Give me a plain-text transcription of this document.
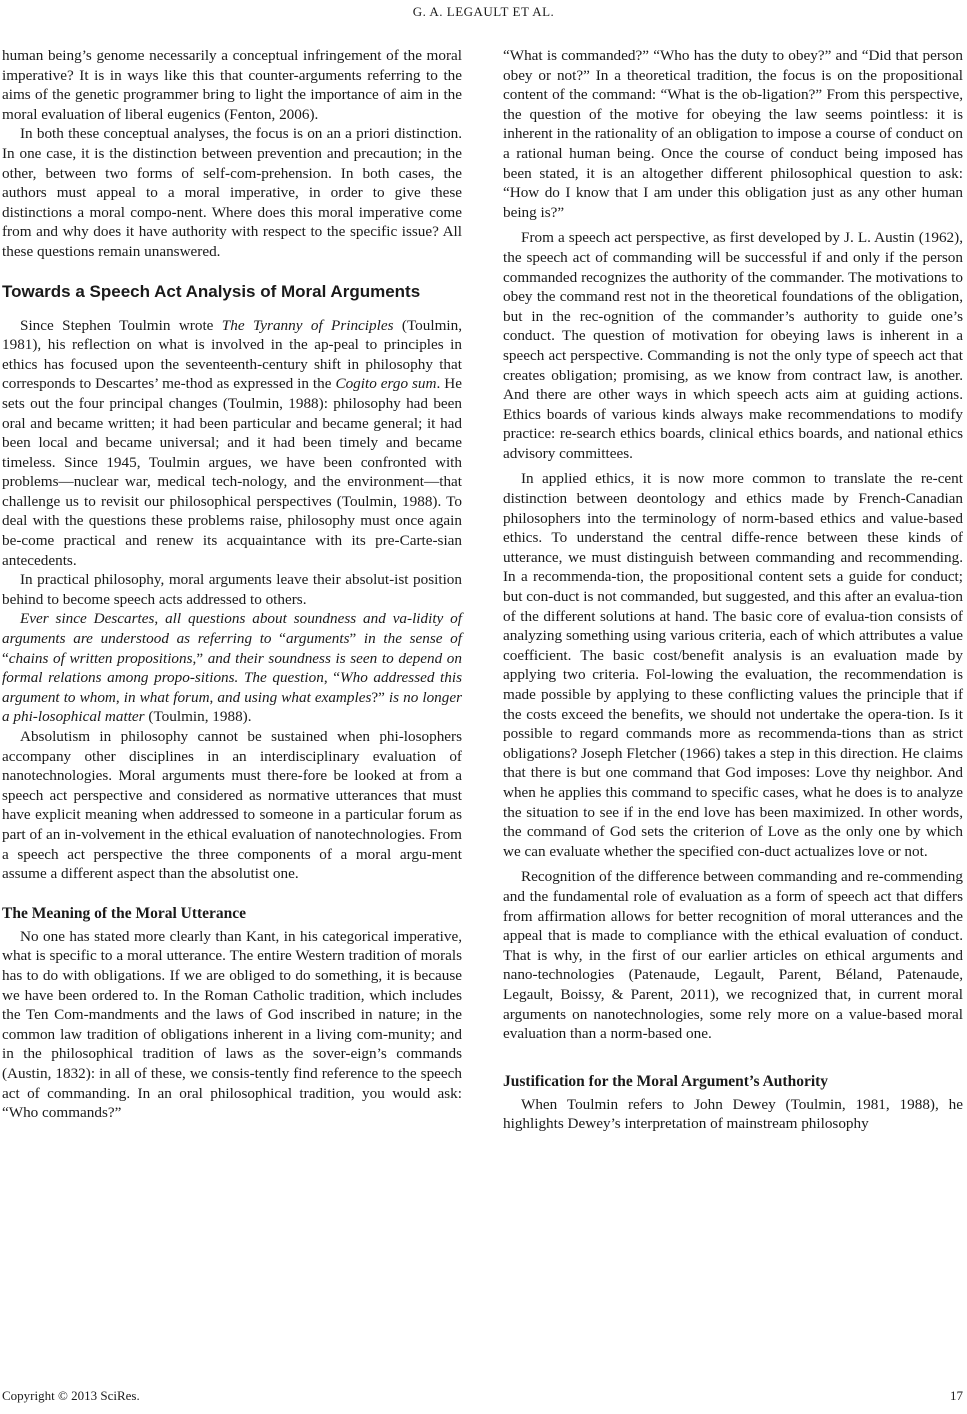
G. A. LEGAULT ET AL.

human being’s genome necessarily a conceptual infringement of the moral imperative? It is in ways like this that counter-arguments referring to the aims of the genetic programmer bring to light the importance of aim in the moral evaluation of liberal eugenics (Fenton, 2006).

In both these conceptual analyses, the focus is on an a priori distinction. In one case, it is the distinction between prevention and precaution; in the other, between two forms of self-com-prehension. In both cases, the authors must appeal to a moral imperative, in order to give these distinctions a moral compo-nent. Where does this moral imperative come from and why does it have authority with respect to the specific issue? All these questions remain unanswered.

Towards a Speech Act Analysis of Moral Arguments

Since Stephen Toulmin wrote The Tyranny of Principles (Toulmin, 1981), his reflection on what is involved in the ap-peal to principles in ethics has focused upon the seventeenth-century shift in philosophy that corresponds to Descartes’ me-thod as expressed in the Cogito ergo sum. He sets out the four principal changes (Toulmin, 1988): philosophy had been oral and became written; it had been particular and became general; it had been local and became universal; and it had been timely and became timeless. Since 1945, Toulmin argues, we have been confronted with problems—nuclear war, medical tech-nology, and the environment—that challenge us to revisit our philosophical perspectives (Toulmin, 1988). To deal with the questions these problems raise, philosophy must once again be-come practical and renew its acquaintance with its pre-Carte-sian antecedents.

In practical philosophy, moral arguments leave their absolut-ist position behind to become speech acts addressed to others.

Ever since Descartes, all questions about soundness and va-lidity of arguments are understood as referring to “arguments” in the sense of “chains of written propositions,” and their soundness is seen to depend on formal relations among propo-sitions. The question, “Who addressed this argument to whom, in what forum, and using what examples?” is no longer a phi-losophical matter (Toulmin, 1988).

Absolutism in philosophy cannot be sustained when phi-losophers accompany other disciplines in an interdisciplinary evaluation of nanotechnologies. Moral arguments must there-fore be looked at from a speech act perspective and considered as normative utterances that must have explicit meaning when addressed to someone in a particular forum as part of an in-volvement in the ethical evaluation of nanotechnologies. From a speech act perspective the three components of a moral argu-ment assume a different aspect than the absolutist one.

The Meaning of the Moral Utterance

No one has stated more clearly than Kant, in his categorical imperative, what is specific to a moral utterance. The entire Western tradition of morals has to do with obligations. If we are obliged to do something, it is because we have been ordered to. In the Roman Catholic tradition, which includes the Ten Com-mandments and the laws of God inscribed in nature; in the common law tradition of obligations inherent in a living com-munity; and in the philosophical tradition of laws as the sover-eign’s commands (Austin, 1832): in all of these, we consis-tently find reference to the speech act of commanding. In an oral philosophical tradition, you would ask: “Who commands?”

“What is commanded?” “Who has the duty to obey?” and “Did that person obey or not?” In a theoretical tradition, the focus is on the propositional content of the command: “What is the ob-ligation?” From this perspective, the question of the motive for obeying the law seems pointless: it is inherent in the rationality of an obligation to impose a course of conduct on a rational human being. Once the course of conduct being imposed has been stated, it is an altogether different philosophical question to ask: “How do I know that I am under this obligation just as any other human being is?”

From a speech act perspective, as first developed by J. L. Austin (1962), the speech act of commanding will be successful if and only if the person commanded recognizes the authority of the commander. The motivations to obey the command rest not in the theoretical foundations of the obligation, but in the rec-ognition of the commander’s authority to guide one’s conduct. The question of motivation for obeying laws is inherent in a speech act perspective. Commanding is not the only type of speech act that creates obligation; promising, as we know from contract law, is another. And there are other ways in which speech acts aim at guiding actions. Ethics boards of various kinds always make recommendations to modify practice: re-search ethics boards, clinical ethics boards, and national ethics advisory committees.

In applied ethics, it is now more common to translate the re-cent distinction between deontology and ethics made by French-Canadian philosophers into the terminology of norm-based ethics and value-based ethics. To understand the central diffe-rence between these kinds of utterance, we must distinguish between commanding and recommending. In a recommenda-tion, the propositional content sets a guide for conduct; but con-duct is not commanded, but suggested, and this after an evalua-tion of the different solutions at hand. The basic core of evalua-tion consists of analyzing something using various criteria, each of which attributes a value coefficient. The basic cost/benefit analysis is an evaluation made by applying two criteria. Fol-lowing the evaluation, the recommendation is made possible by applying to these conflicting values the principle that if the costs exceed the benefits, we should not undertake the opera-tion. Is it possible to regard commands more as recommenda-tions than as strict obligations? Joseph Fletcher (1966) takes a step in this direction. He claims that there is but one command that God imposes: Love thy neighbor. And when he applies this command to specific cases, what he does is to analyze the situation to see if in the end love has been maximized. In other words, the command of God sets the criterion of Love as the only one by which we can evaluate whether the specified con-duct actualizes love or not.

Recognition of the difference between commanding and re-commending and the fundamental role of evaluation as a form of speech act that differs from affirmation allows for better recognition of moral utterances and the appeal that is made to compliance with the ethical evaluation of conduct. That is why, in the first of our earlier articles on ethical arguments and nano-technologies (Patenaude, Legault, Parent, Béland, Patenaude, Legault, Boissy, & Parent, 2011), we recognized that, in current moral arguments on nanotechnologies, some rely more on a value-based moral evaluation than a norm-based one.

Justification for the Moral Argument’s Authority

When Toulmin refers to John Dewey (Toulmin, 1981, 1988), he highlights Dewey’s interpretation of mainstream philosophy

Copyright © 2013 SciRes.	17
